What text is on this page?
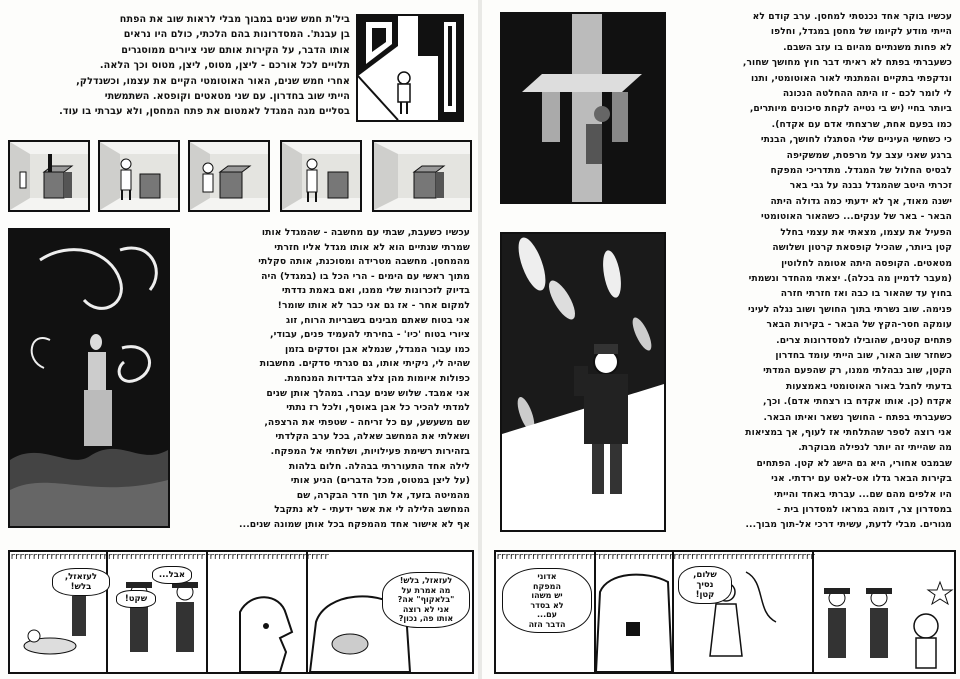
ביל'ת חמש שנים במבוך מבלי לראות שוב את הפתח
בן עבנת'. המסדרונות בהם הלכתי, כולם היו נראים
אותו הדבר, על הקירות אותם שני ציורים ממוסגרים
תלויים לכל אורכם - ליצן, מטוס, ליצן, מטוס וכך הלאה.
אחרי חמש שנים, האור האוטומטי הקיים את עצמו, וכשנדלק,
הייתי שוב בחדרון. עם שני מטאטים וקופסא. השתמשתי
בסליים מגה המגדל לאמטום את פתח המחסן, ולא עברתי בו עוד.
עכשיו כשעבת, שבתי עם מחשבה - שהמגדל אותו
שמרתי שנתיים הוא לא אותו מגדל אליו חזרתי
מהמחסן. מחשבה מטרידה ומסוכנת, אותה סקלתי
מתוך ראשי עם הימים - הרי הכל בו (במגדל) היה
בדיוק לזכרונות שלי ממנו, ואם באמת נדדתי
למקום אחר - אז גם אני כבר לא אותו שומר!
אני בטוח שאתם מבינים בשבריות הרוח, זוג
ציורי בטוח 'כיו' - בחירתי להעמיד פנים, עבודי,
כמו עבור המגדל, שנמלא אבן וסדקים בזמן
שהיה לי, ניקיתי אותו, גם סגרתי סדקים. מחשבות
כפולות איומות מהן צלצ הבדידות המנחמת.
אני אמבד. שלוש שנים עברו. במהלך אותן שנים
למדתי להכיר כל אבן באוסף, ולכל רז נתתי
שם משעשע, עם כל זריחה - שטפתי את הרצפה,
ושאלתי את המחשב שאלה, בכל ערב הקלדתי
בזהירות רשימת פעילויות, ושלחתי אל המפקח.
לילה אחד התעוררתי בבהלה. חלום בלהות
(על ליצן במטוס, מכל הדברים) הניע אותי
מהמיטה בזעד, אל תוך חדר הבקרה, שם
המחשב הלילה לי את אשר ידעתי - לא נתקבל
אף לא אישור אחד מהמפקח בכל אותן שמונה שנים...
rrrrrrrrrrrrrrrrrrrrrrrrrrrrrrrrrrrrrrrrrrrrrrrrrrrrrrrrrrrrrrrrrrrrrrrr
לעזאזל, בלש!
אבל...
שקט!
לעזאזל, בלש!
מה אמרת על
"בלאקוף" אה?
אני לא רוצה
אותו פה, נכון?
עכשיו בוקר אחד נכנסתי למחסן. ערב קודם לא
הייתי מודע לקיומו של מחסן במגדל, וחלפו
לא פחות משנתיים מהיום בו עזב השבם.
כשעברתי בפתח לא ראיתי דבר חוץ מחושך שחור,
ונדקפתי בתקיים והמתנתי לאור האוטומטי, ותנו
לי לומר לכם - זו היתה ההחלטה הנכונה
ביותר בחיי (יש בי נטייה לקחת סיכונים מיותרים,
כמו בפעם אחת, שרצחתי אדם עם אקדח).
כי כשחשי העיניים שלי הסתגלו לחושך, הבנתי
ברגע שאני עצב על מרפסת, שמשקיפה
לבסיס החלול של המגדל. מתדריכי המפקח
זכרתי היטב שהמגדל נבנה על גבי באר
ישנה מאוד, אך לא ידעתי כמה גדולה היתה
הבאר - באר של ענקים... כשהאור האוטומטי
הפעיל את עצמו, מצאתי את עצמי בחלל
קטן ביותר, שהכיל קופסאת קרטון ושלושה
מטאטים. הקופסה היתה אטומה לחלוטין
(מעבר לדמיין מה בכלה). יצאתי מהחדר ונשמתי
בחוץ עד שהאור בו כבה ואז חזרתי חזרה
פנימה. שוב נשרתי בתוך החושך ושוב נגלה לעיני
עומקה חסר-הקץ של הבאר - בקירות הבאר
פתחים קטנים, שהובילו למסדרונות צרים.
כשחזר שוב האור, שוב הייתי עומד בחדרון
הקטן, שוב נבהלתי ממנו, רק שהפעם המדתי
בדעתי לחבל באור האוטומטי באמצעות
אקדח (כן. אותו אקדח בו רצחתי אדם). וכך,
כשעברתי בפתח - החושך נשאר ואיתו הבאר.
אני רוצה לספר שהתלחתי אז לעוף, אך במציאות
מה שהייתי זה יותר לנפילה מבוקרת.
שבמבט אחורי, היא גם הישג לא קטן. הפתחים
בקירות הבאר גדלו אט-לאט עם ירדתי. אני
היו אלפים מהם שם... עברתי באחד והייתי
במסדרון צר, דומה במראו למסדרון בית -
מגורים. מבלי לדעת, עשיתי דרכי אל-תוך מבוך...
rrrrrrrrrrrrrrrrrrrrrrrrrrrrrrrrrrrrrrrrrrrrrrrrrrrrrrrrrrrrrrrrrrrrrrrr
אדוני
המפקח
יש משהו
לא בסדר
עם...
הדבר הזה
שלום,
נסיך
קטן!
